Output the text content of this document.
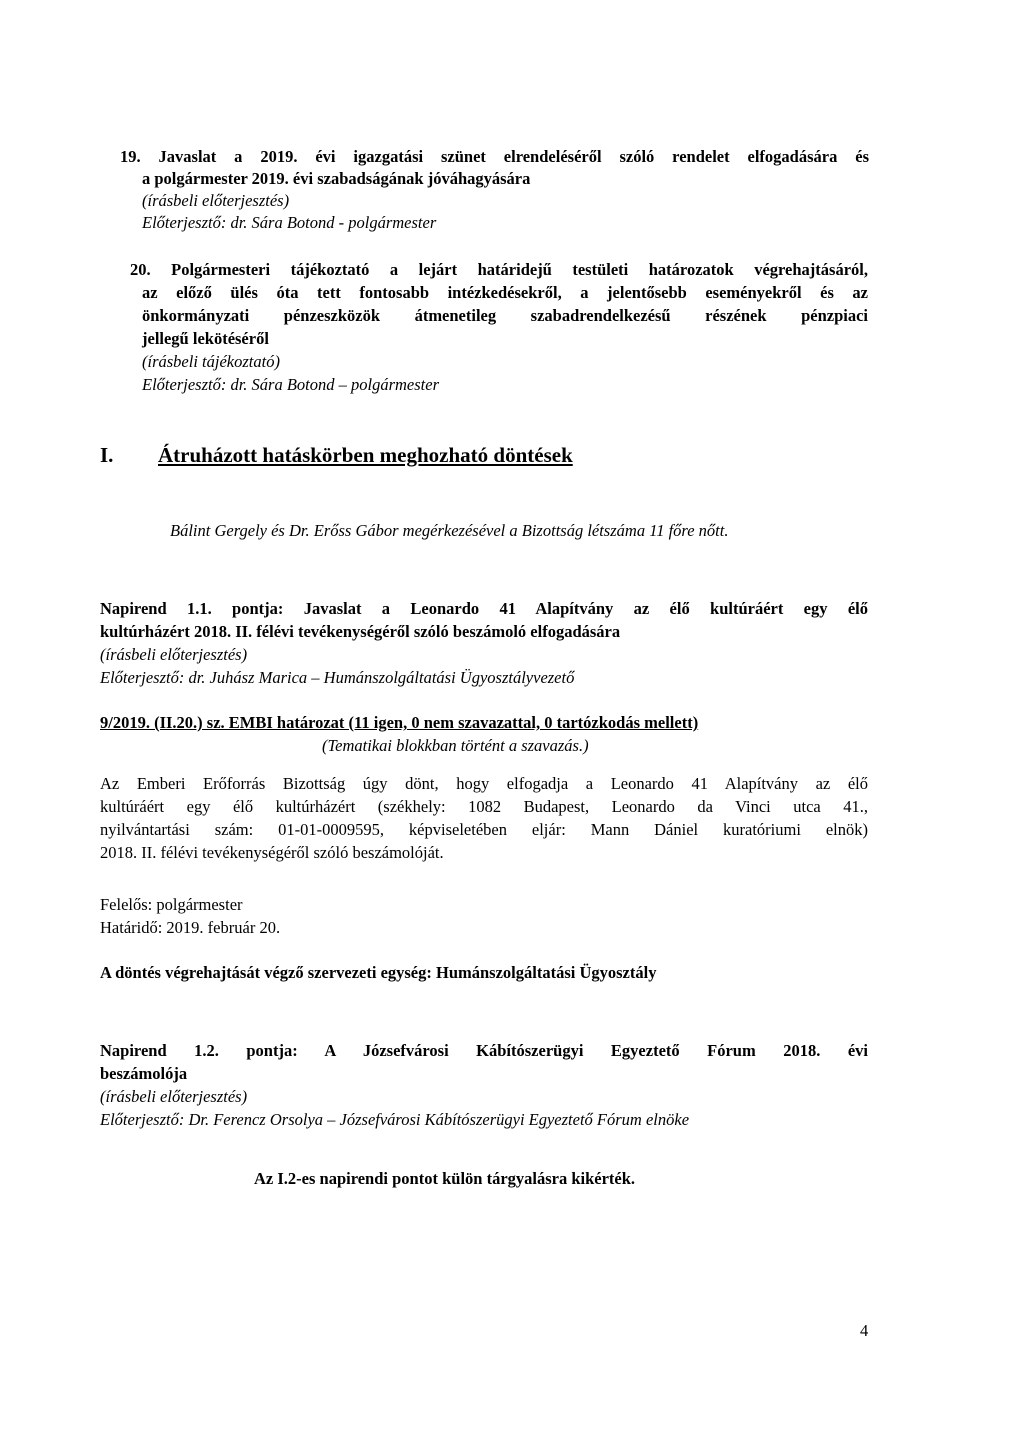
19. Javaslat a 2019. évi igazgatási szünet elrendeléséről szóló rendelet elfogadására és
a polgármester 2019. évi szabadságának jóváhagyására
(írásbeli előterjesztés)
Előterjesztő: dr. Sára Botond - polgármester
20. Polgármesteri tájékoztató a lejárt határidejű testületi határozatok végrehajtásáról,
az előző ülés óta tett fontosabb intézkedésekről, a jelentősebb eseményekről és az
önkormányzati pénzeszközök átmenetileg szabadrendelkezésű részének pénzpiaci
jellegű lekötéséről
(írásbeli tájékoztató)
Előterjesztő: dr. Sára Botond – polgármester
I. Átruházott hatáskörben meghozható döntések
Bálint Gergely és Dr. Erőss Gábor megérkezésével a Bizottság létszáma 11 főre nőtt.
Napirend 1.1. pontja: Javaslat a Leonardo 41 Alapítvány az élő kultúráért egy élő
kultúrházért 2018. II. félévi tevékenységéről szóló beszámoló elfogadására
(írásbeli előterjesztés)
Előterjesztő: dr. Juhász Marica – Humánszolgáltatási Ügyosztályvezető
9/2019. (II.20.) sz. EMBI határozat (11 igen, 0 nem szavazattal, 0 tartózkodás mellett)
(Tematikai blokkban történt a szavazás.)
Az Emberi Erőforrás Bizottság úgy dönt, hogy elfogadja a Leonardo 41 Alapítvány az élő
kultúráért egy élő kultúrházért (székhely: 1082 Budapest, Leonardo da Vinci utca 41.,
nyilvántartási szám: 01-01-0009595, képviseletében eljár: Mann Dániel kuratóriumi elnök)
2018. II. félévi tevékenységéről szóló beszámolóját.
Felelős: polgármester
Határidő: 2019. február 20.
A döntés végrehajtását végző szervezeti egység: Humánszolgáltatási Ügyosztály
Napirend 1.2. pontja: A Józsefvárosi Kábítószerügyi Egyeztető Fórum 2018. évi
beszámolója
(írásbeli előterjesztés)
Előterjesztő: Dr. Ferencz Orsolya – Józsefvárosi Kábítószerügyi Egyeztető Fórum elnöke
Az I.2-es napirendi pontot külön tárgyalásra kikérték.
4
